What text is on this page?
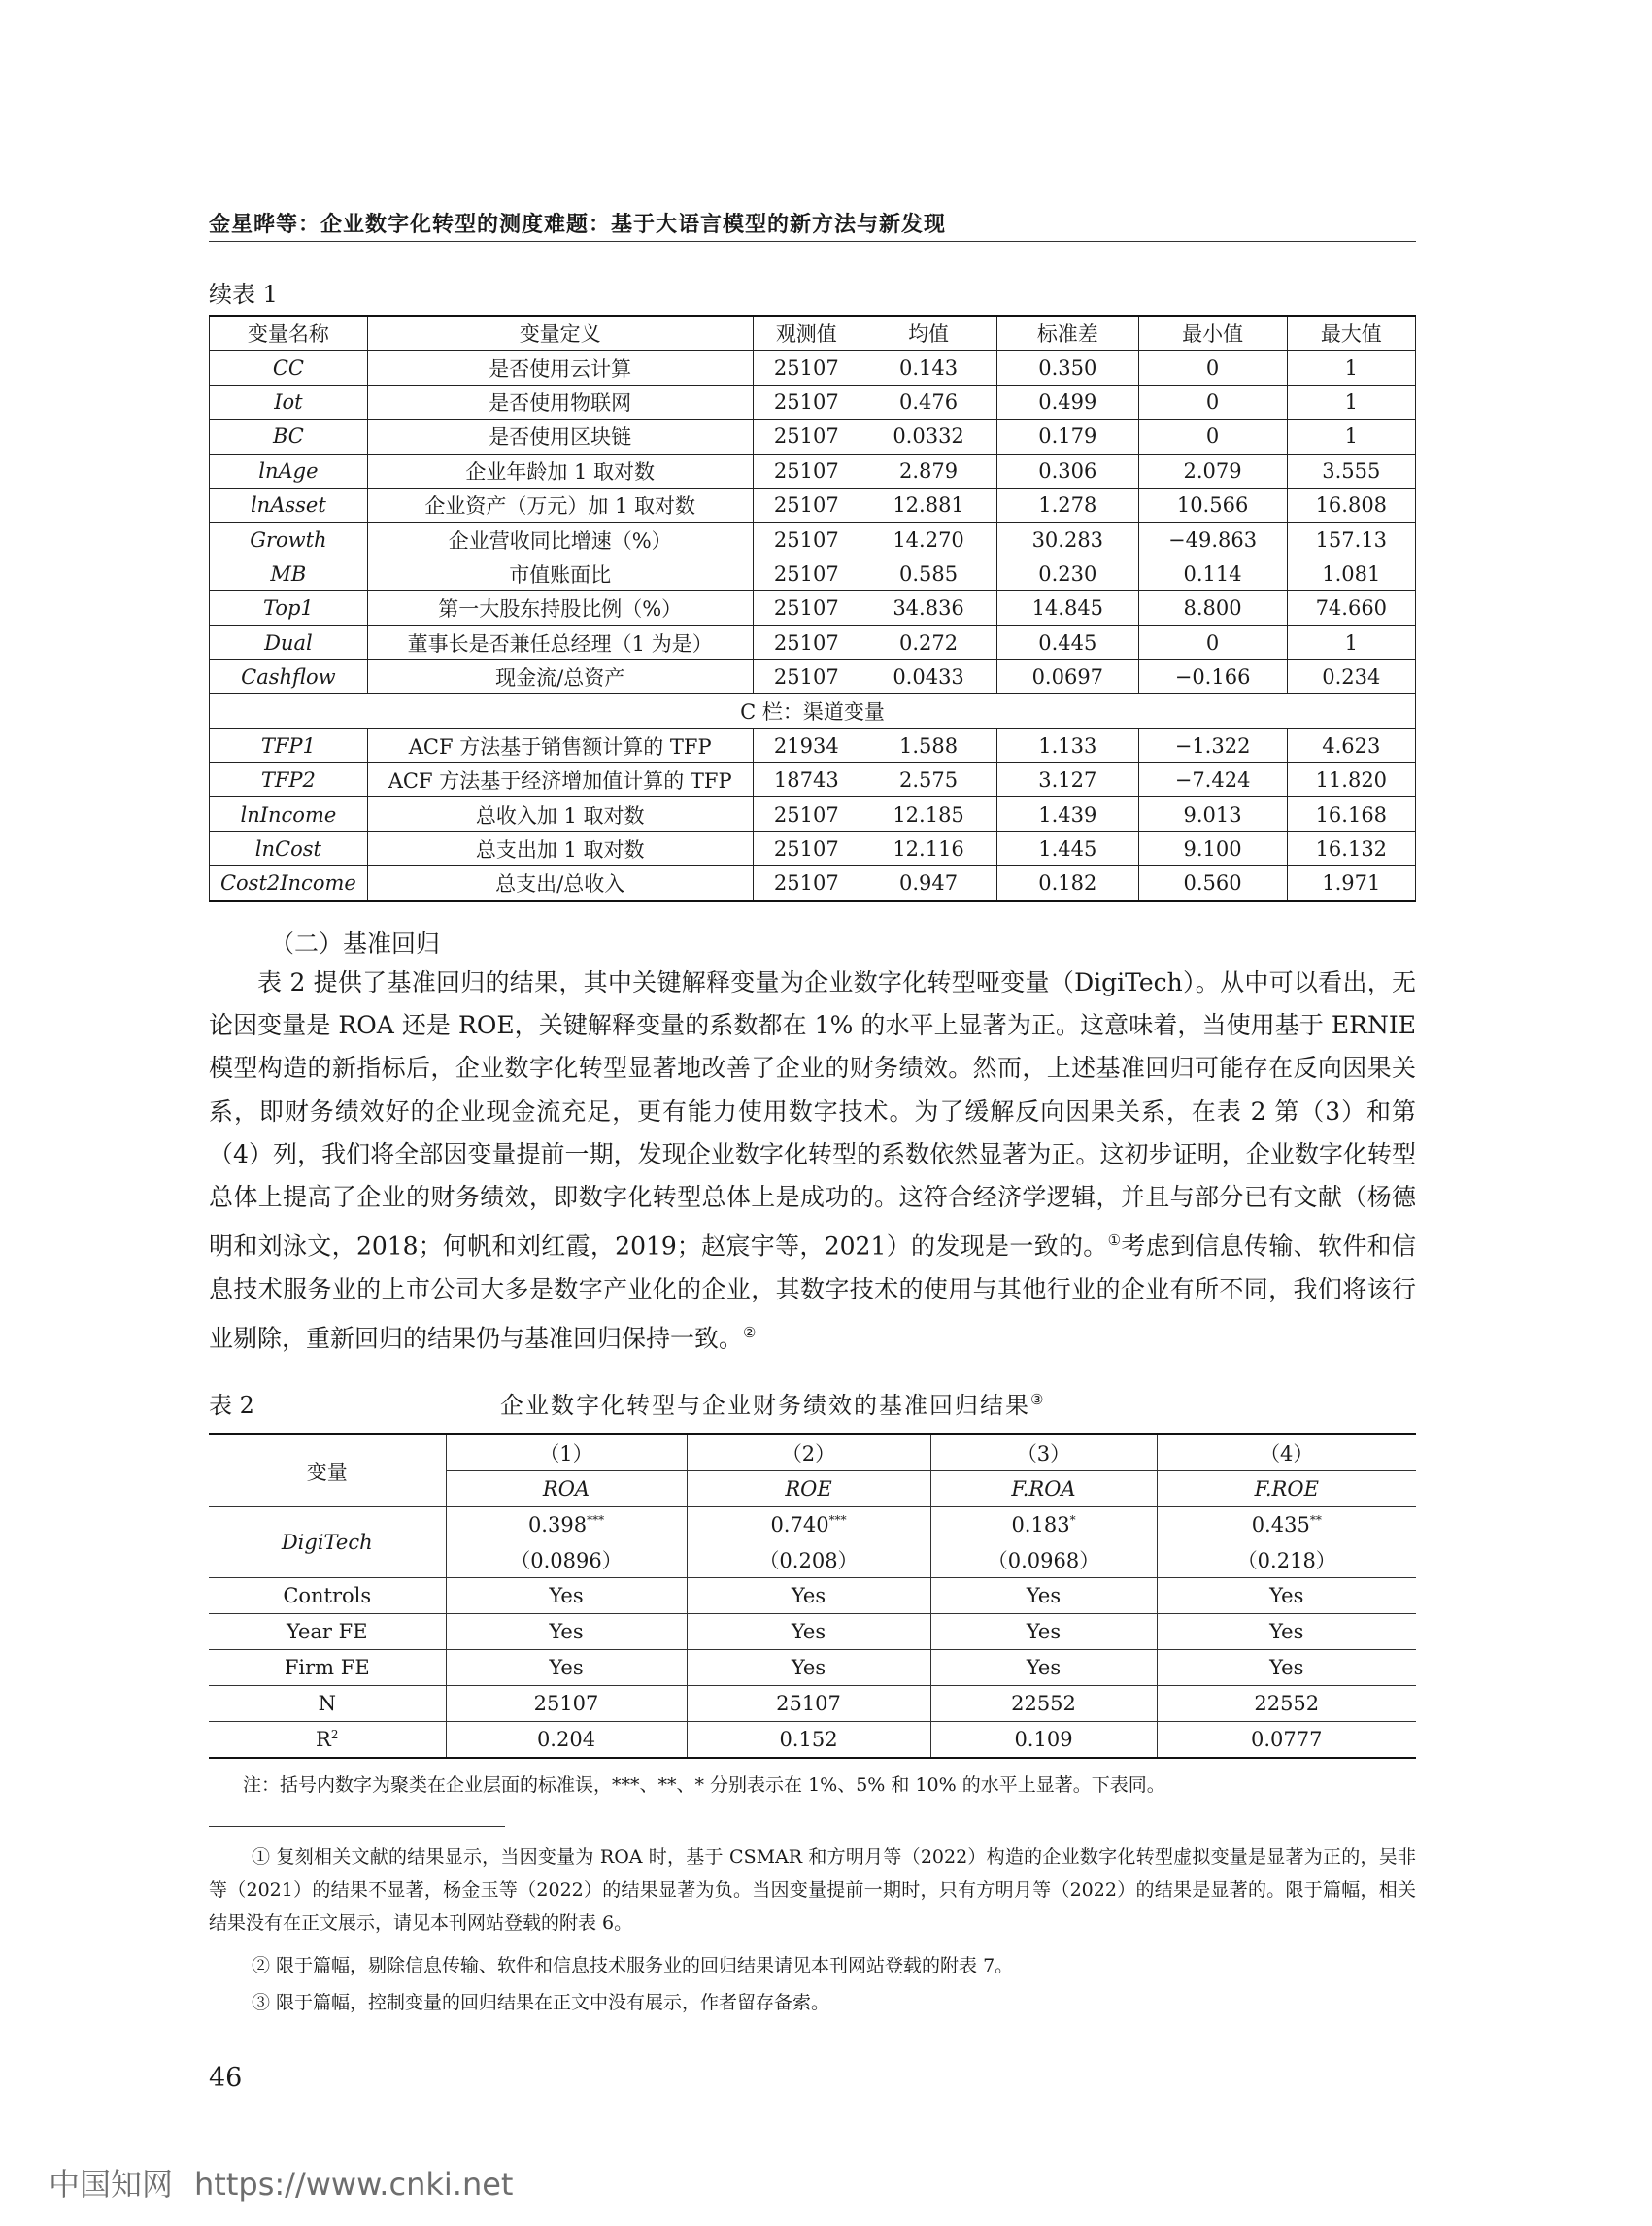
金星晔等：企业数字化转型的测度难题：基于大语言模型的新方法与新发现
续表 1
变量名称	变量定义	观测值	均值	标准差	最小值	最大值
CC	是否使用云计算	25107	0.143	0.350	0	1
Iot	是否使用物联网	25107	0.476	0.499	0	1
BC	是否使用区块链	25107	0.0332	0.179	0	1
lnAge	企业年龄加 1 取对数	25107	2.879	0.306	2.079	3.555
lnAsset	企业资产（万元）加 1 取对数	25107	12.881	1.278	10.566	16.808
Growth	企业营收同比增速（%）	25107	14.270	30.283	−49.863	157.13
MB	市值账面比	25107	0.585	0.230	0.114	1.081
Top1	第一大股东持股比例（%）	25107	34.836	14.845	8.800	74.660
Dual	董事长是否兼任总经理（1 为是）	25107	0.272	0.445	0	1
Cashflow	现金流/总资产	25107	0.0433	0.0697	−0.166	0.234
C 栏：渠道变量						
TFP1	ACF 方法基于销售额计算的 TFP	21934	1.588	1.133	−1.322	4.623
TFP2	ACF 方法基于经济增加值计算的 TFP	18743	2.575	3.127	−7.424	11.820
lnIncome	总收入加 1 取对数	25107	12.185	1.439	9.013	16.168
lnCost	总支出加 1 取对数	25107	12.116	1.445	9.100	16.132
Cost2Income	总支出/总收入	25107	0.947	0.182	0.560	1.971
（二）基准回归
表 2 提供了基准回归的结果，其中关键解释变量为企业数字化转型哑变量（DigiTech）。从中可以看出，无论因变量是 ROA 还是 ROE，关键解释变量的系数都在 1% 的水平上显著为正。这意味着，当使用基于 ERNIE 模型构造的新指标后，企业数字化转型显著地改善了企业的财务绩效。然而，上述基准回归可能存在反向因果关系，即财务绩效好的企业现金流充足，更有能力使用数字技术。为了缓解反向因果关系，在表 2 第（3）和第（4）列，我们将全部因变量提前一期，发现企业数字化转型的系数依然显著为正。这初步证明，企业数字化转型总体上提高了企业的财务绩效，即数字化转型总体上是成功的。这符合经济学逻辑，并且与部分已有文献（杨德明和刘泳文，2018；何帆和刘红霞，2019；赵宸宇等，2021）的发现是一致的。①考虑到信息传输、软件和信息技术服务业的上市公司大多是数字产业化的企业，其数字技术的使用与其他行业的企业有所不同，我们将该行业剔除，重新回归的结果仍与基准回归保持一致。②
表 2	企业数字化转型与企业财务绩效的基准回归结果③
变量	（1）	（2）	（3）	（4）
	ROA	ROE	F.ROA	F.ROE
DigiTech	0.398***	0.740***	0.183*	0.435**
	（0.0896）	（0.208）	（0.0968）	（0.218）
Controls	Yes	Yes	Yes	Yes
Year FE	Yes	Yes	Yes	Yes
Firm FE	Yes	Yes	Yes	Yes
N	25107	25107	22552	22552
$R^2$	0.204	0.152	0.109	0.0777
注：括号内数字为聚类在企业层面的标准误，***、**、* 分别表示在 1%、5% 和 10% 的水平上显著。下表同。
① 复刻相关文献的结果显示，当因变量为 ROA 时，基于 CSMAR 和方明月等（2022）构造的企业数字化转型虚拟变量是显著为正的，吴非等（2021）的结果不显著，杨金玉等（2022）的结果显著为负。当因变量提前一期时，只有方明月等（2022）的结果是显著的。限于篇幅，相关结果没有在正文展示，请见本刊网站登载的附表 6。
② 限于篇幅，剔除信息传输、软件和信息技术服务业的回归结果请见本刊网站登载的附表 7。
③ 限于篇幅，控制变量的回归结果在正文中没有展示，作者留存备索。
46
中国知网 https://www.cnki.net
